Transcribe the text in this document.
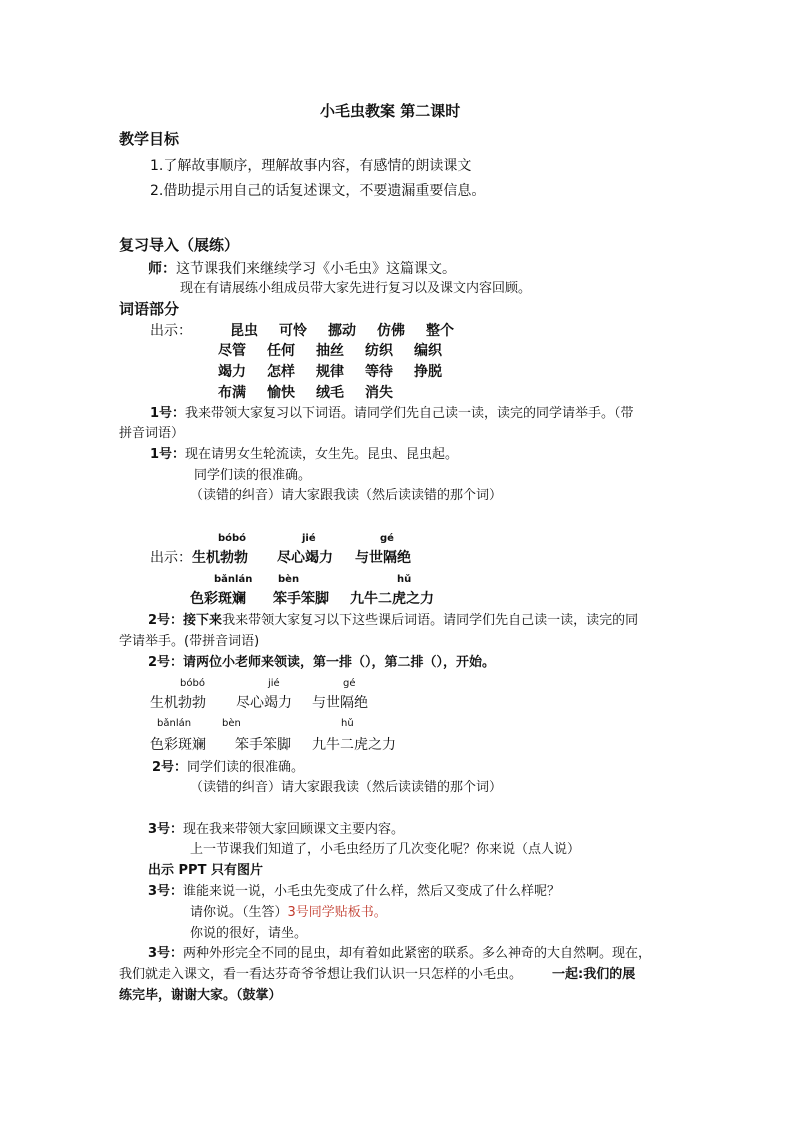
小毛虫教案 第二课时
教学目标
1.了解故事顺序，理解故事内容，有感情的朗读课文
2.借助提示用自己的话复述课文，不要遗漏重要信息。
复习导入（展练）
师：这节课我们来继续学习《小毛虫》这篇课文。
现在有请展练小组成员带大家先进行复习以及课文内容回顾。
词语部分
出示：	昆虫 可怜 挪动 仿佛 整个
尽管 任何 抽丝 纺织 编织
竭力 怎样 规律 等待 挣脱
布满 愉快 绒毛 消失
1号：我来带领大家复习以下词语。请同学们先自己读一读，读完的同学请举手。（带
拼音词语）
1号：现在请男女生轮流读，女生先。昆虫、昆虫起。
同学们读的很准确。
（读错的纠音）请大家跟我读（然后读读错的那个词）
bóbó	jié	gé
出示： 生机勃勃 尽心竭力 与世隔绝
bǎnlán	bèn	hǔ
色彩斑斓 笨手笨脚 九牛二虎之力
2号：接下来我来带领大家复习以下这些课后词语。请同学们先自己读一读，读完的同
学请举手。(带拼音词语)
2号：请两位小老师来领读，第一排（），第二排（），开始。
bóbó	jié	gé
生机勃勃 尽心竭力 与世隔绝
bǎnlán	bèn	hǔ
色彩斑斓 笨手笨脚 九牛二虎之力
2号：同学们读的很准确。
（读错的纠音）请大家跟我读（然后读读错的那个词）
3号：现在我来带领大家回顾课文主要内容。
上一节课我们知道了，小毛虫经历了几次变化呢？你来说（点人说）
出示 PPT 只有图片
3号：谁能来说一说，小毛虫先变成了什么样，然后又变成了什么样呢？
请你说。（生答）3号同学贴板书。
你说的很好，请坐。
3号：两种外形完全不同的昆虫，却有着如此紧密的联系。多么神奇的大自然啊。现在，
我们就走入课文，看一看达芬奇爷爷想让我们认识一只怎样的小毛虫。 一起:我们的展
练完毕，谢谢大家。（鼓掌）
